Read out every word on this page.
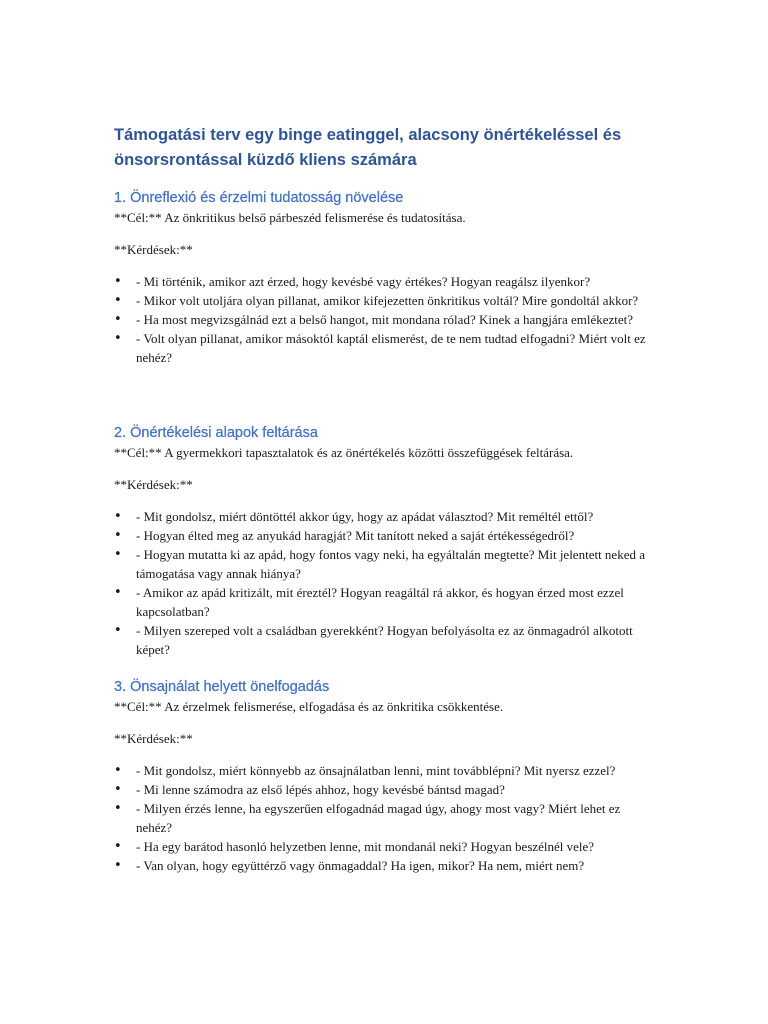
Támogatási terv egy binge eatinggel, alacsony önértékeléssel és önsorsrontással küzdő kliens számára
1. Önreflexió és érzelmi tudatosság növelése

**Cél:** Az önkritikus belső párbeszéd felismerése és tudatosítása.

**Kérdések:**

• - Mi történik, amikor azt érzed, hogy kevésbé vagy értékes? Hogyan reagálsz ilyenkor?
• - Mikor volt utoljára olyan pillanat, amikor kifejezetten önkritikus voltál? Mire gondoltál akkor?
• - Ha most megvizsgálnád ezt a belső hangot, mit mondana rólad? Kinek a hangjára emlékeztet?
• - Volt olyan pillanat, amikor másoktól kaptál elismerést, de te nem tudtad elfogadni? Miért volt ez nehéz?
2. Önértékelési alapok feltárása

**Cél:** A gyermekkori tapasztalatok és az önértékelés közötti összefüggések feltárása.

**Kérdések:**

• - Mit gondolsz, miért döntöttél akkor úgy, hogy az apádat választod? Mit reméltél ettől?
• - Hogyan élted meg az anyukád haragját? Mit tanított neked a saját értékességedről?
• - Hogyan mutatta ki az apád, hogy fontos vagy neki, ha egyáltalán megtette? Mit jelentett neked a támogatása vagy annak hiánya?
• - Amikor az apád kritizált, mit éreztél? Hogyan reagáltál rá akkor, és hogyan érzed most ezzel kapcsolatban?
• - Milyen szereped volt a családban gyerekként? Hogyan befolyásolta ez az önmagadról alkotott képet?
3. Önsajnálat helyett önelfogadás

**Cél:** Az érzelmek felismerése, elfogadása és az önkritika csökkentése.

**Kérdések:**

• - Mit gondolsz, miért könnyebb az önsajnálatban lenni, mint továbblépni? Mit nyersz ezzel?
• - Mi lenne számodra az első lépés ahhoz, hogy kevésbé bántsd magad?
• - Milyen érzés lenne, ha egyszerűen elfogadnád magad úgy, ahogy most vagy? Miért lehet ez nehéz?
• - Ha egy barátod hasonló helyzetben lenne, mit mondanál neki? Hogyan beszélnél vele?
• - Van olyan, hogy együttérző vagy önmagaddal? Ha igen, mikor? Ha nem, miért nem?
